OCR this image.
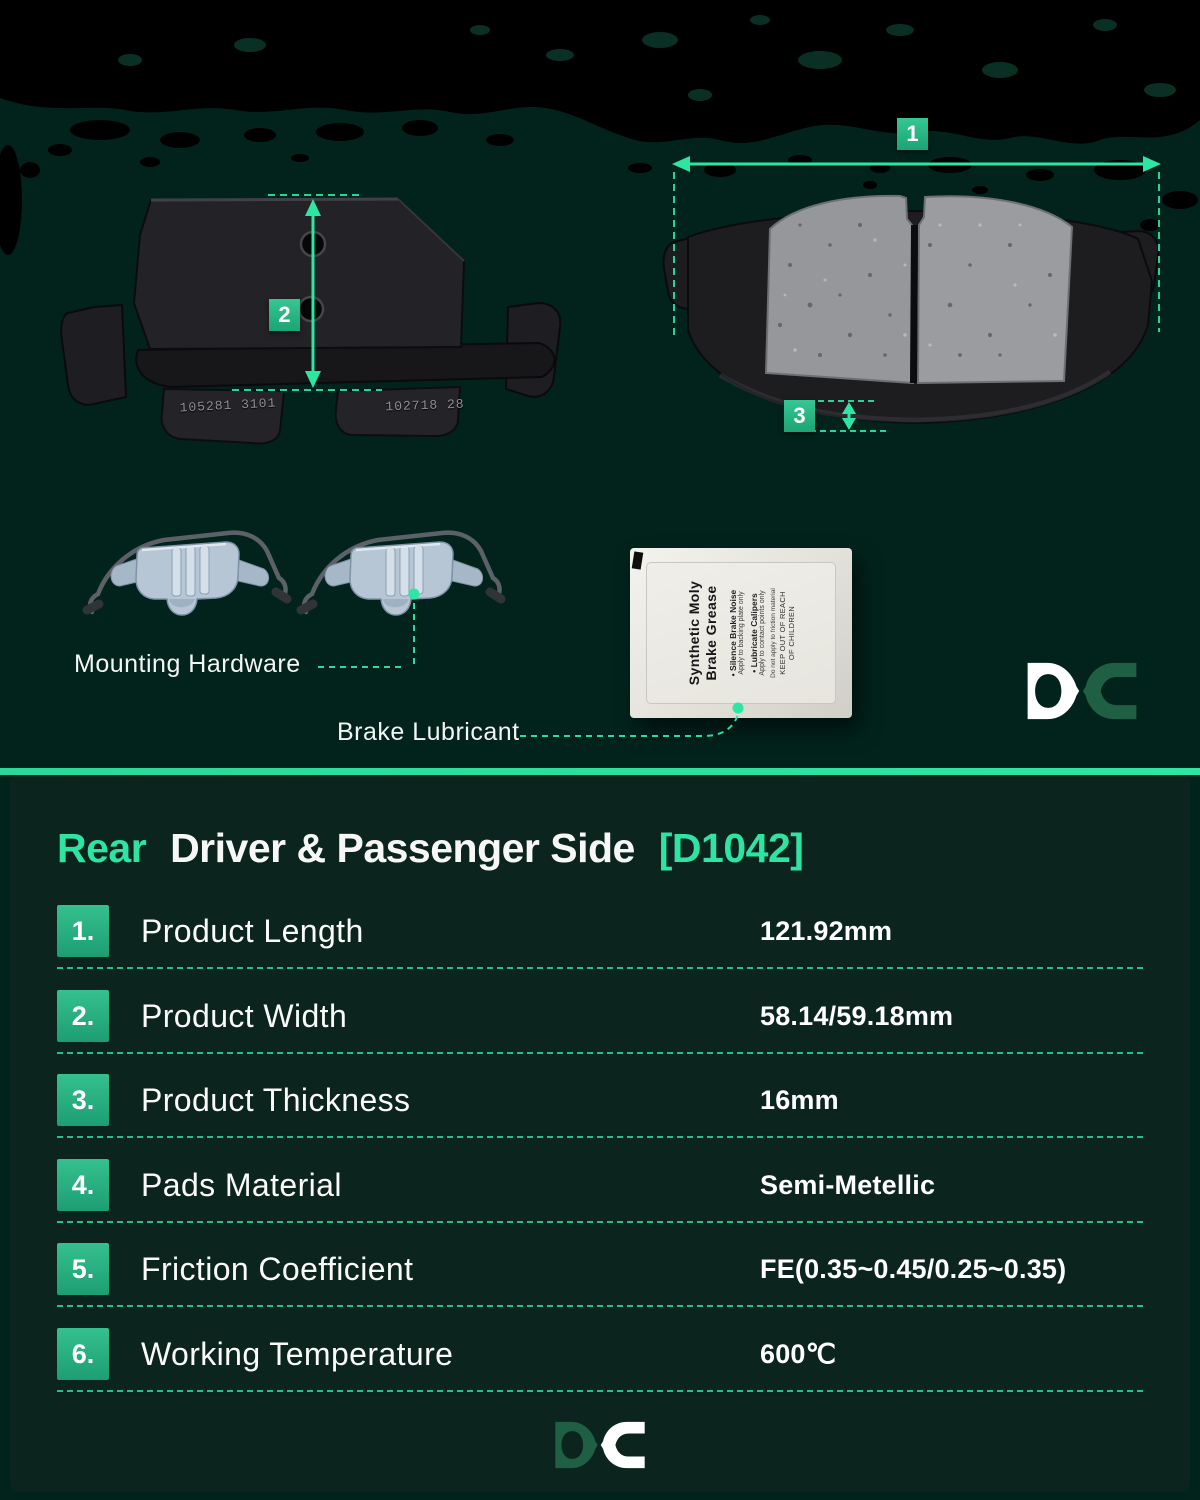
Synthetic Moly Brake Grease • Silence Brake Noise Apply to backing plate only • Lubricate Calipers Apply to contact points only Do not apply to friction material KEEP OUT OF REACH OF CHILDREN
1
2
3
105281 3101	102718 28
Mounting Hardware
Brake Lubricant
Rear Driver & Passenger Side [D1042]
1.	Product Length	121.92mm
2.	Product Width	58.14/59.18mm
3.	Product Thickness	16mm
4.	Pads Material	Semi-Metellic
5.	Friction Coefficient	FE(0.35~0.45/0.25~0.35)
6.	Working Temperature	600℃
